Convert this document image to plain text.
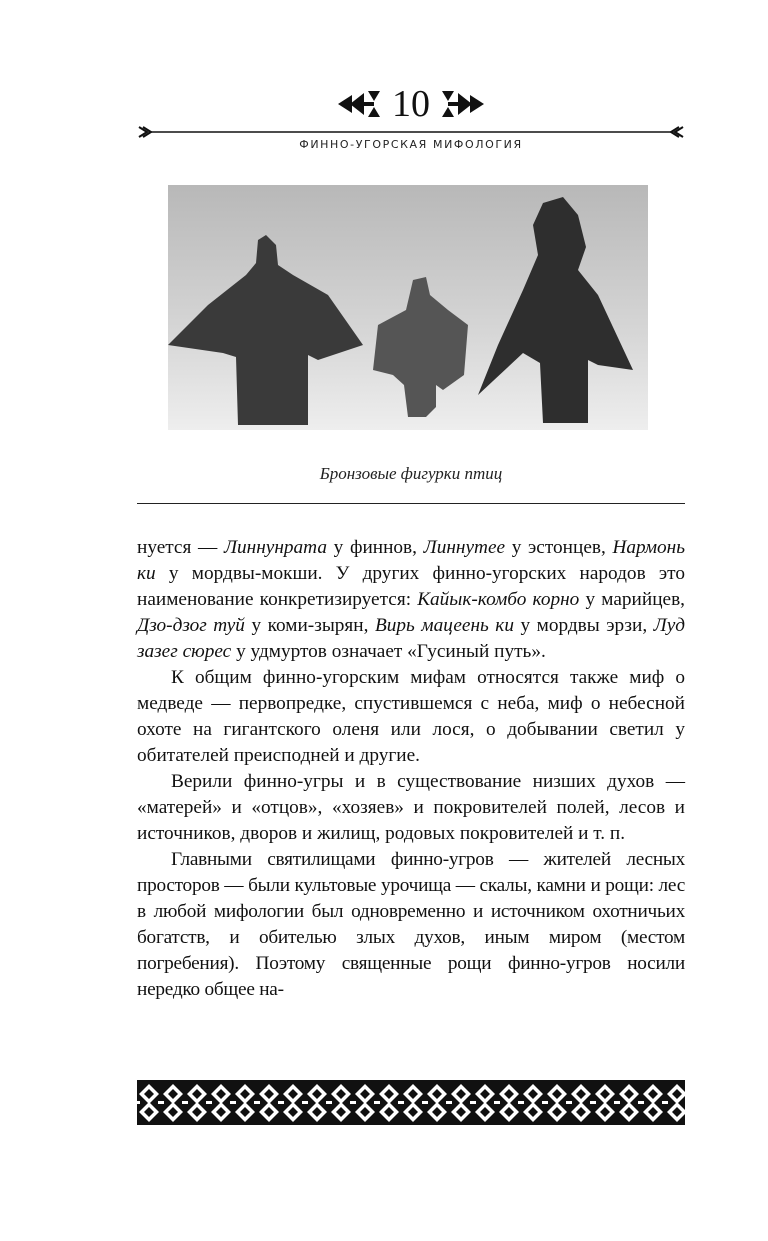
10
ФИННО-УГОРСКАЯ МИФОЛОГИЯ
Бронзовые фигурки птиц

нуется — Линнунрата у финнов, Линнутее у эстонцев, Нармонь ки у мордвы-мокши. У других финно-угорских народов это наименование конкретизируется: Кайык-комбо корно у марийцев, Дзо-дзог туй у коми-зырян, Вирь мацеень ки у мордвы эрзи, Луд зазег сюрес у удмуртов означает «Гусиный путь».

К общим финно-угорским мифам относятся также миф о медведе — первопредке, спустившемся с неба, миф о небесной охоте на гигантского оленя или лося, о добывании светил у обитателей преисподней и другие.

Верили финно-угры и в существование низших духов — «матерей» и «отцов», «хозяев» и покровителей полей, лесов и источников, дворов и жилищ, родовых покровителей и т. п.

Главными святилищами финно-угров — жителей лесных просторов — были культовые урочища — скалы, камни и рощи: лес в любой мифологии был одновременно и источником охотничьих богатств, и обителью злых духов, иным миром (местом погребения). Поэтому священные рощи финно-угров носили нередко общее на-
